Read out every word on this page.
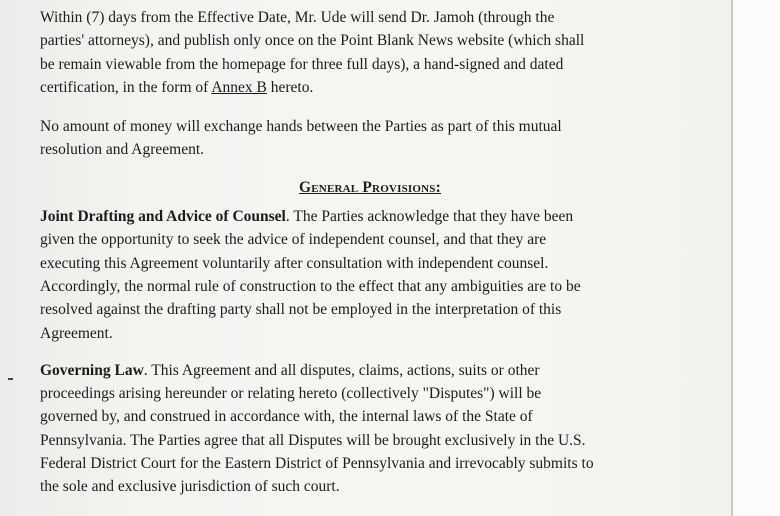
Within (7) days from the Effective Date, Mr. Ude will send Dr. Jamoh (through the
parties' attorneys), and publish only once on the Point Blank News website (which shall
be remain viewable from the homepage for three full days), a hand-signed and dated
certification, in the form of Annex B hereto.

No amount of money will exchange hands between the Parties as part of this mutual
resolution and Agreement.

General Provisions:

Joint Drafting and Advice of Counsel. The Parties acknowledge that they have been
given the opportunity to seek the advice of independent counsel, and that they are
executing this Agreement voluntarily after consultation with independent counsel.
Accordingly, the normal rule of construction to the effect that any ambiguities are to be
resolved against the drafting party shall not be employed in the interpretation of this
Agreement.

Governing Law. This Agreement and all disputes, claims, actions, suits or other
proceedings arising hereunder or relating hereto (collectively "Disputes") will be
governed by, and construed in accordance with, the internal laws of the State of
Pennsylvania. The Parties agree that all Disputes will be brought exclusively in the U.S.
Federal District Court for the Eastern District of Pennsylvania and irrevocably submits to
the sole and exclusive jurisdiction of such court.
